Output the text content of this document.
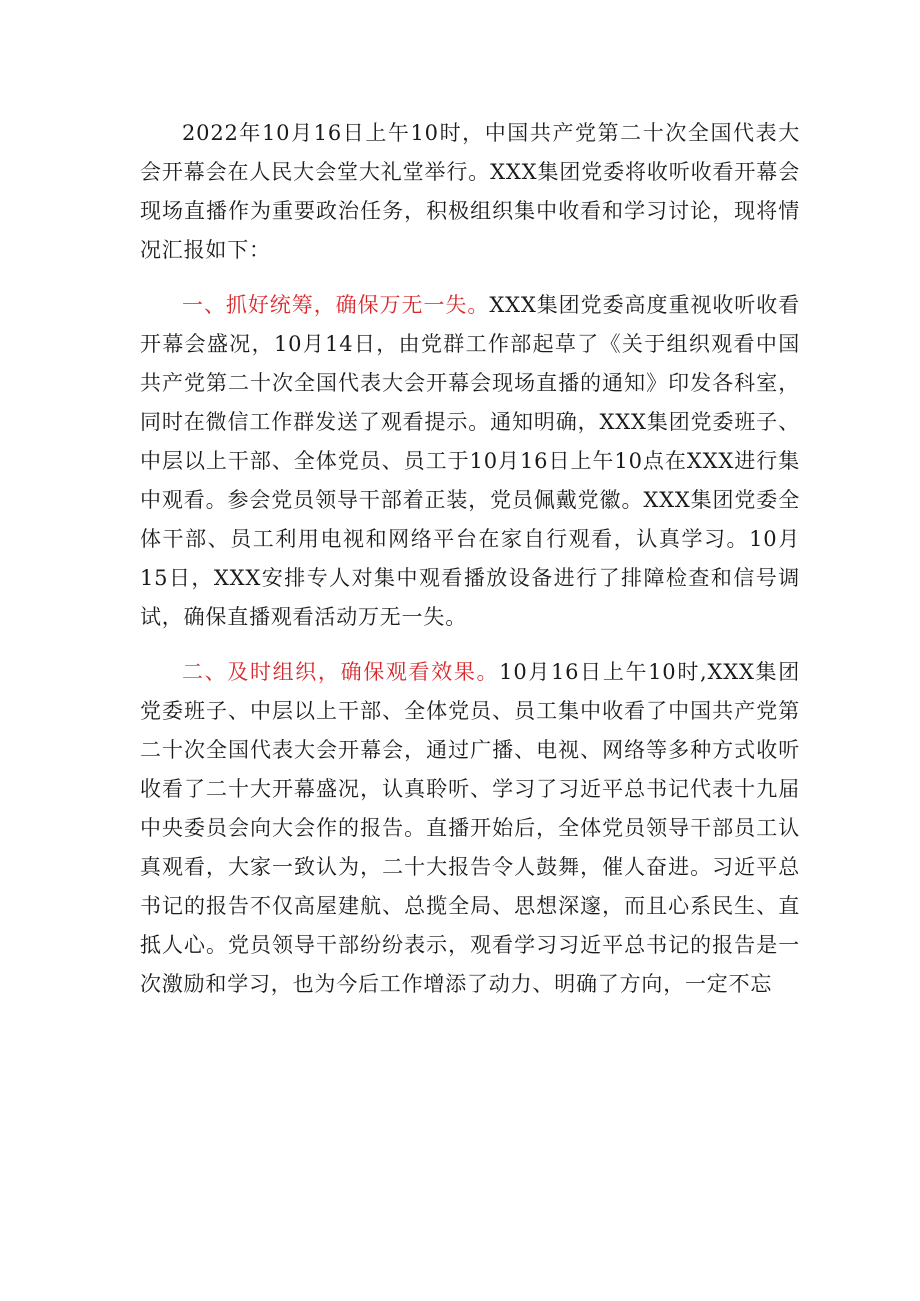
2022年10月16日上午10时，中国共产党第二十次全国代表大会开幕会在人民大会堂大礼堂举行。XXX集团党委将收听收看开幕会现场直播作为重要政治任务，积极组织集中收看和学习讨论，现将情况汇报如下：

一、抓好统筹，确保万无一失。XXX集团党委高度重视收听收看开幕会盛况，10月14日，由党群工作部起草了《关于组织观看中国共产党第二十次全国代表大会开幕会现场直播的通知》印发各科室，同时在微信工作群发送了观看提示。通知明确，XXX集团党委班子、中层以上干部、全体党员、员工于10月16日上午10点在XXX进行集中观看。参会党员领导干部着正装，党员佩戴党徽。XXX集团党委全体干部、员工利用电视和网络平台在家自行观看，认真学习。10月15日，XXX安排专人对集中观看播放设备进行了排障检查和信号调试，确保直播观看活动万无一失。

二、及时组织，确保观看效果。10月16日上午10时,XXX集团党委班子、中层以上干部、全体党员、员工集中收看了中国共产党第二十次全国代表大会开幕会，通过广播、电视、网络等多种方式收听收看了二十大开幕盛况，认真聆听、学习了习近平总书记代表十九届中央委员会向大会作的报告。直播开始后，全体党员领导干部员工认真观看，大家一致认为，二十大报告令人鼓舞，催人奋进。习近平总书记的报告不仅高屋建航、总揽全局、思想深邃，而且心系民生、直抵人心。党员领导干部纷纷表示，观看学习习近平总书记的报告是一次激励和学习，也为今后工作增添了动力、明确了方向，一定不忘
